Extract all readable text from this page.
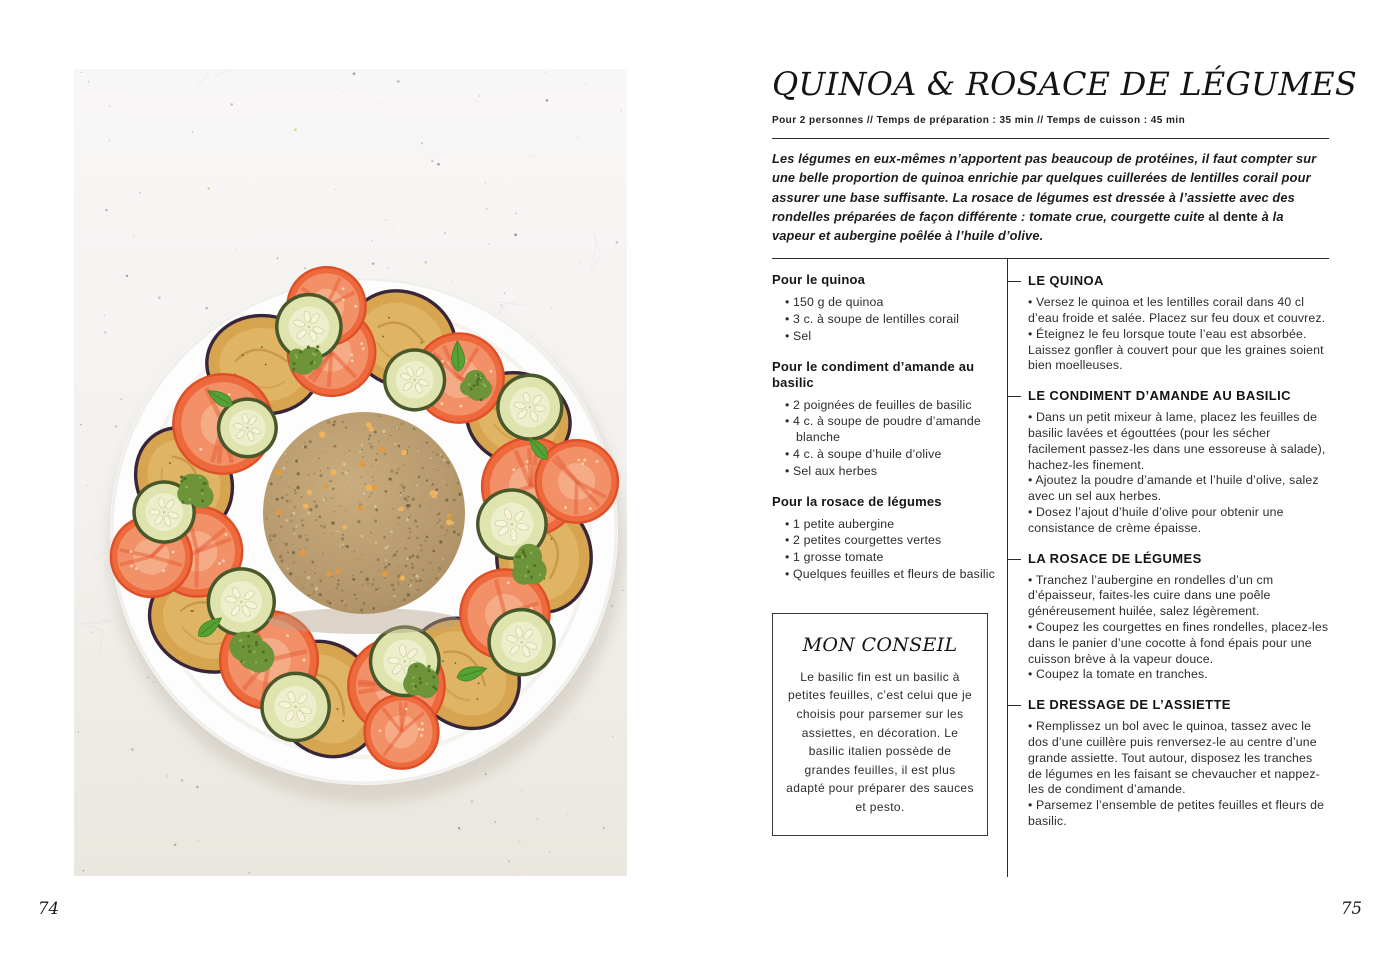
74
QUINOA & ROSACE DE LÉGUMES
Pour 2 personnes // Temps de préparation : 35 min // Temps de cuisson : 45 min

Les légumes en eux-mêmes n’apportent pas beaucoup de protéines, il faut compter sur une belle proportion de quinoa enrichie par quelques cuillerées de lentilles corail pour assurer une base suffisante. La rosace de légumes est dressée à l’assiette avec des rondelles préparées de façon différente : tomate crue, courgette cuite al dente à la vapeur et aubergine poêlée à l’huile d’olive.

Pour le quinoa
• 150 g de quinoa
• 3 c. à soupe de lentilles corail
• Sel
Pour le condiment d’amande au basilic
• 2 poignées de feuilles de basilic
• 4 c. à soupe de poudre d’amande blanche
• 4 c. à soupe d’huile d’olive
• Sel aux herbes
Pour la rosace de légumes
• 1 petite aubergine
• 2 petites courgettes vertes
• 1 grosse tomate
• Quelques feuilles et fleurs de basilic
MON CONSEIL

Le basilic fin est un basilic à petites feuilles, c’est celui que je choisis pour parsemer sur les assiettes, en décoration. Le basilic italien possède de grandes feuilles, il est plus adapté pour préparer des sauces et pesto.

LE QUINOA

• Versez le quinoa et les lentilles corail dans 40 cl d’eau froide et salée. Placez sur feu doux et couvrez.

• Éteignez le feu lorsque toute l’eau est absorbée. Laissez gonfler à couvert pour que les graines soient bien moelleuses.

LE CONDIMENT D’AMANDE AU BASILIC

• Dans un petit mixeur à lame, placez les feuilles de basilic lavées et égouttées (pour les sécher facilement passez-les dans une essoreuse à salade), hachez-les finement.

• Ajoutez la poudre d’amande et l’huile d’olive, salez avec un sel aux herbes.

• Dosez l’ajout d’huile d’olive pour obtenir une consistance de crème épaisse.

LA ROSACE DE LÉGUMES

• Tranchez l’aubergine en rondelles d’un cm d’épaisseur, faites-les cuire dans une poêle généreusement huilée, salez légèrement.

• Coupez les courgettes en fines rondelles, placez-les dans le panier d’une cocotte à fond épais pour une cuisson brève à la vapeur douce.

• Coupez la tomate en tranches.

LE DRESSAGE DE L’ASSIETTE

• Remplissez un bol avec le quinoa, tassez avec le dos d’une cuillère puis renversez-le au centre d’une grande assiette. Tout autour, disposez les tranches de légumes en les faisant se chevaucher et nappez-les de condiment d’amande.

• Parsemez l’ensemble de petites feuilles et fleurs de basilic.

75
